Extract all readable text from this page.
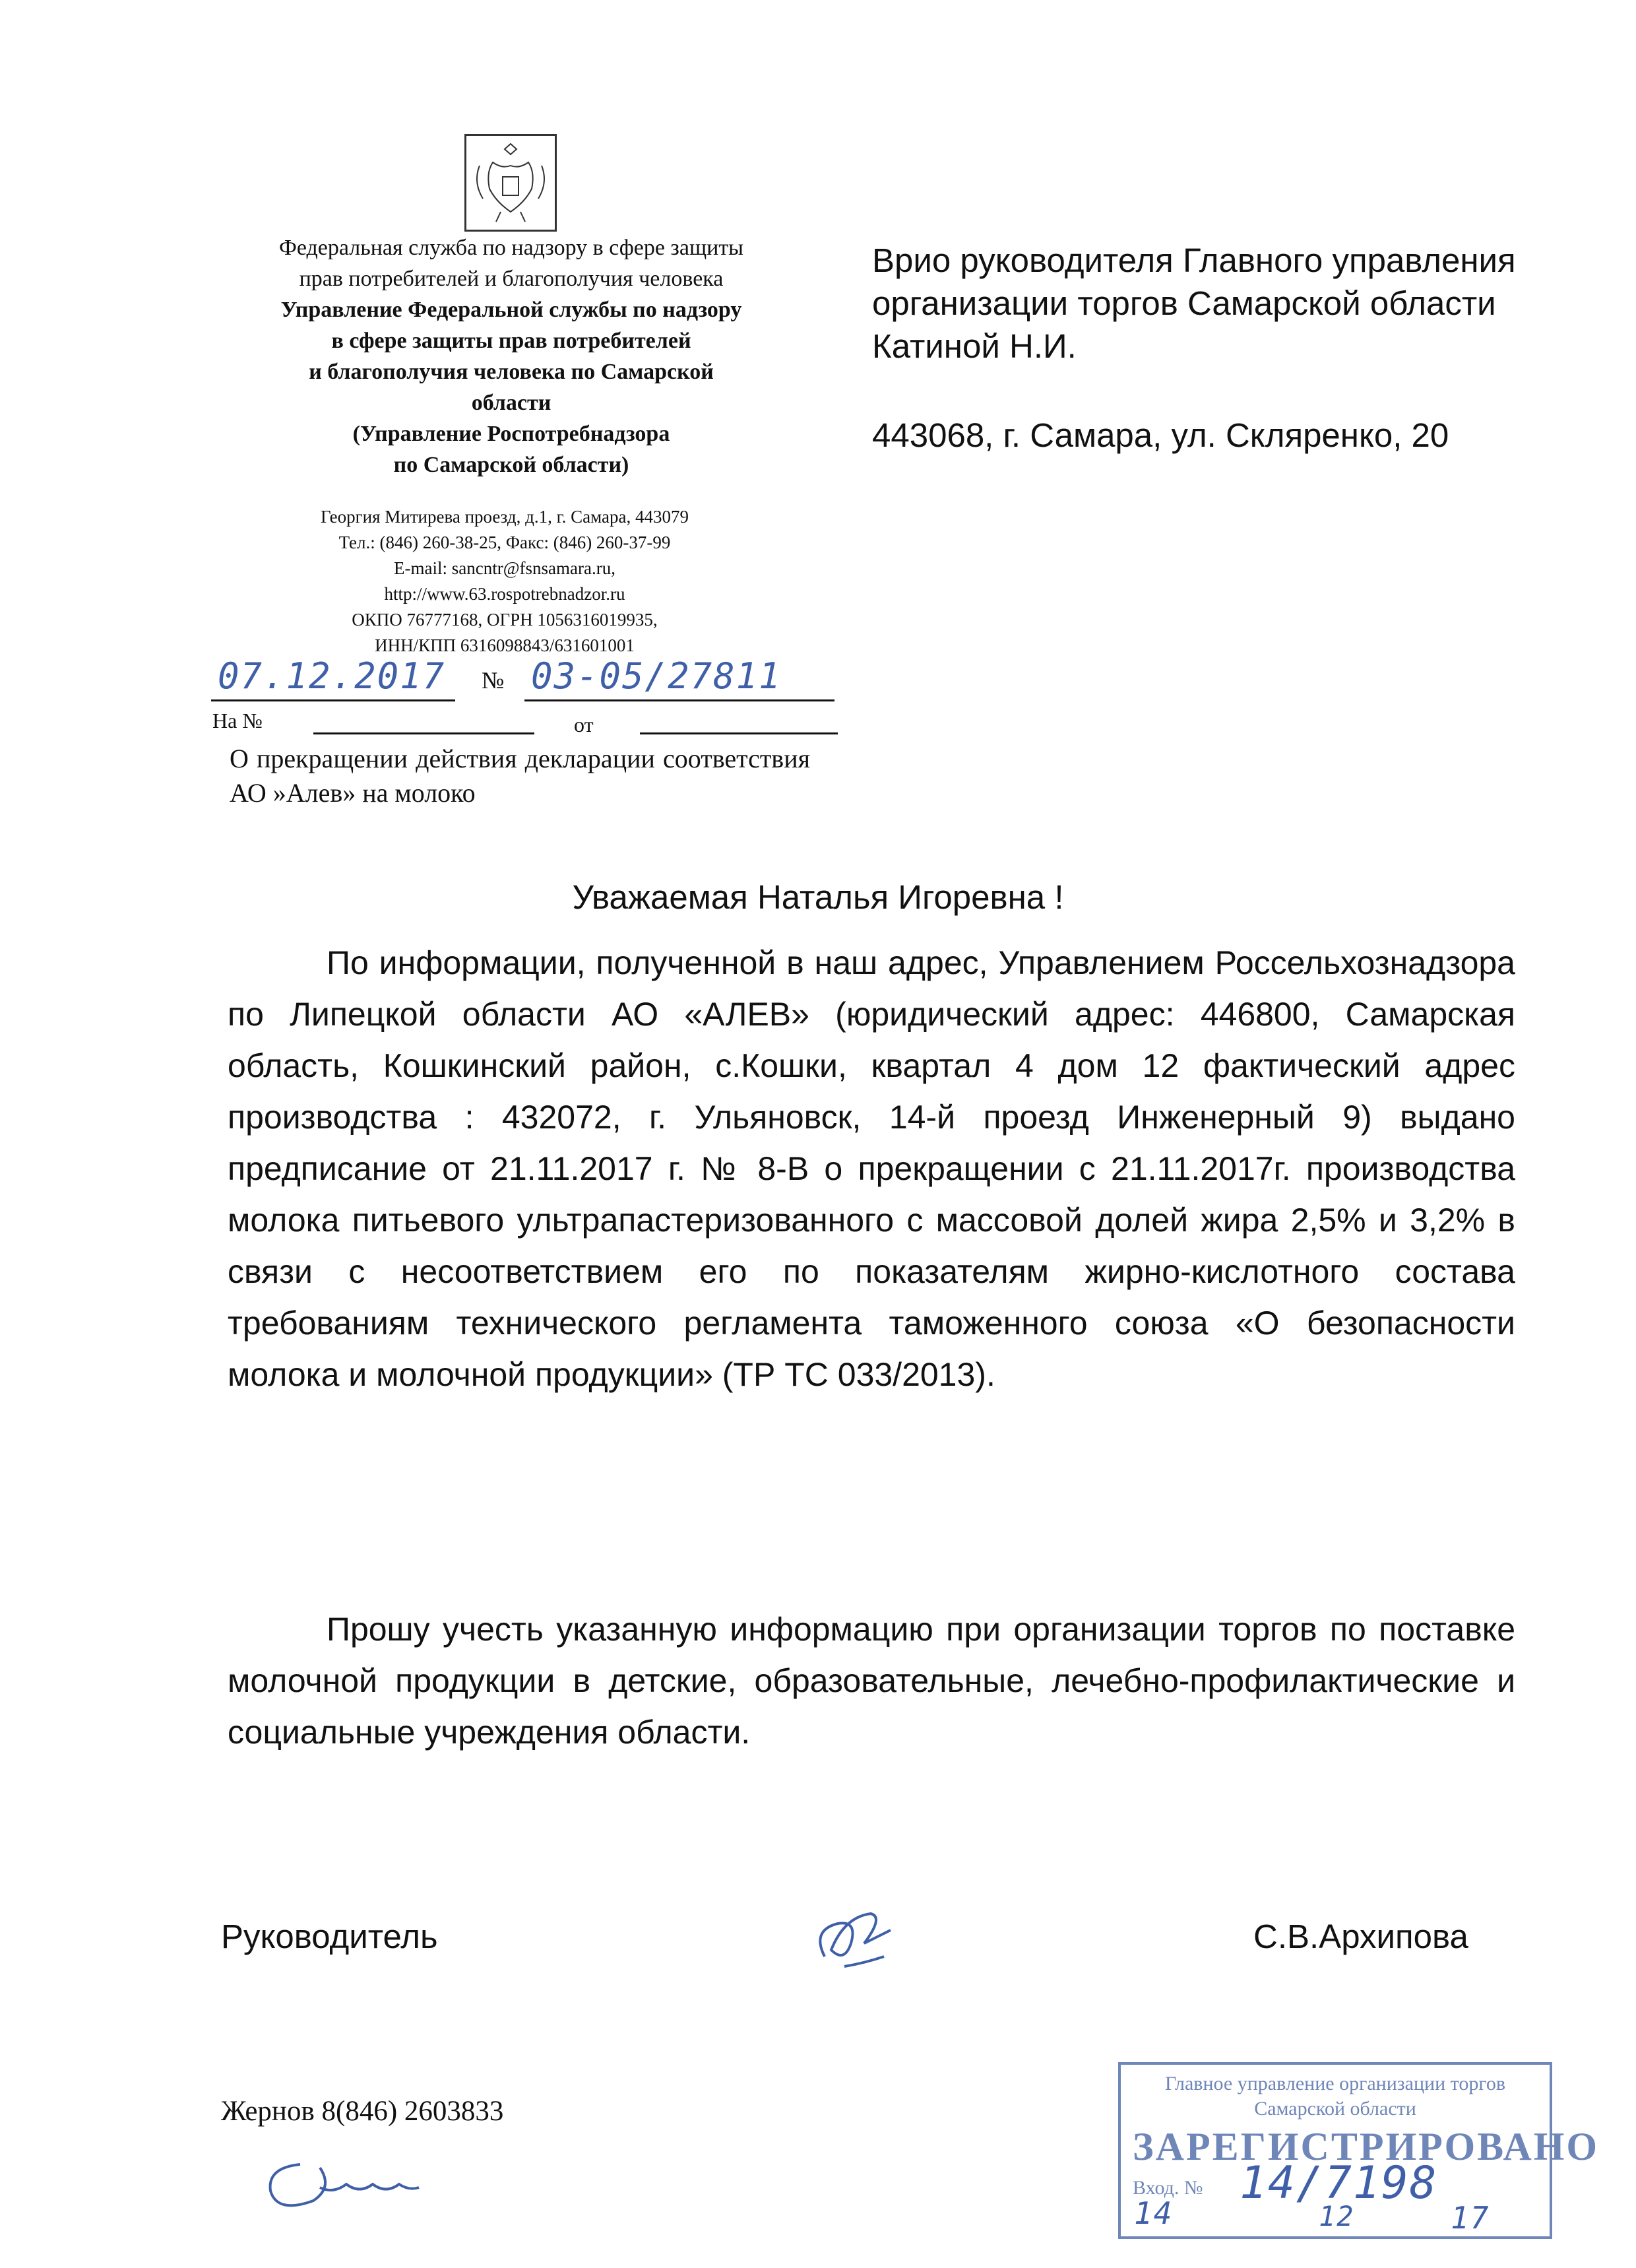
Федеральная служба по надзору в сфере защиты
прав потребителей и благополучия человека
Управление Федеральной службы по надзору
в сфере защиты прав потребителей
и благополучия человека по Самарской
области
(Управление Роспотребнадзора
по Самарской области)
Георгия Митирева проезд, д.1, г. Самара, 443079
Тел.: (846) 260-38-25, Факс: (846) 260-37-99
E-mail: sancntr@fsnsamara.ru,
http://www.63.rospotrebnadzor.ru
ОКПО 76777168, ОГРН 1056316019935,
ИНН/КПП 6316098843/631601001
07.12.2017	№ 03-05/27811
На №	от
О прекращении действия декларации соответствия АО »Алев» на молоко
Врио руководителя Главного управления
организации торгов Самарской области
Катиной Н.И.
443068, г. Самара, ул. Скляренко, 20
Уважаемая Наталья Игоревна !

По информации, полученной в наш адрес, Управлением Россельхознадзора по Липецкой области АО «АЛЕВ» (юридический адрес: 446800, Самарская область, Кошкинский район, с.Кошки, квартал 4 дом 12 фактический адрес производства : 432072, г. Ульяновск, 14-й проезд Инженерный 9) выдано предписание от 21.11.2017 г. № 8-В о прекращении с 21.11.2017г. производства молока питьевого ультрапастеризованного с массовой долей жира 2,5% и 3,2% в связи с несоответствием его по показателям жирно-кислотного состава требованиям технического регламента таможенного союза «О безопасности молока и молочной продукции» (ТР ТС 033/2013).

Прошу учесть указанную информацию при организации торгов по поставке молочной продукции в детские, образовательные, лечебно-профилактические и социальные учреждения области.

Руководитель	С.В.Архипова
Жернов 8(846) 2603833
Главное управление организации торгов
Самарской области
ЗАРЕГИСТРИРОВАНО
Вход. № 14/7198
14	12	17
